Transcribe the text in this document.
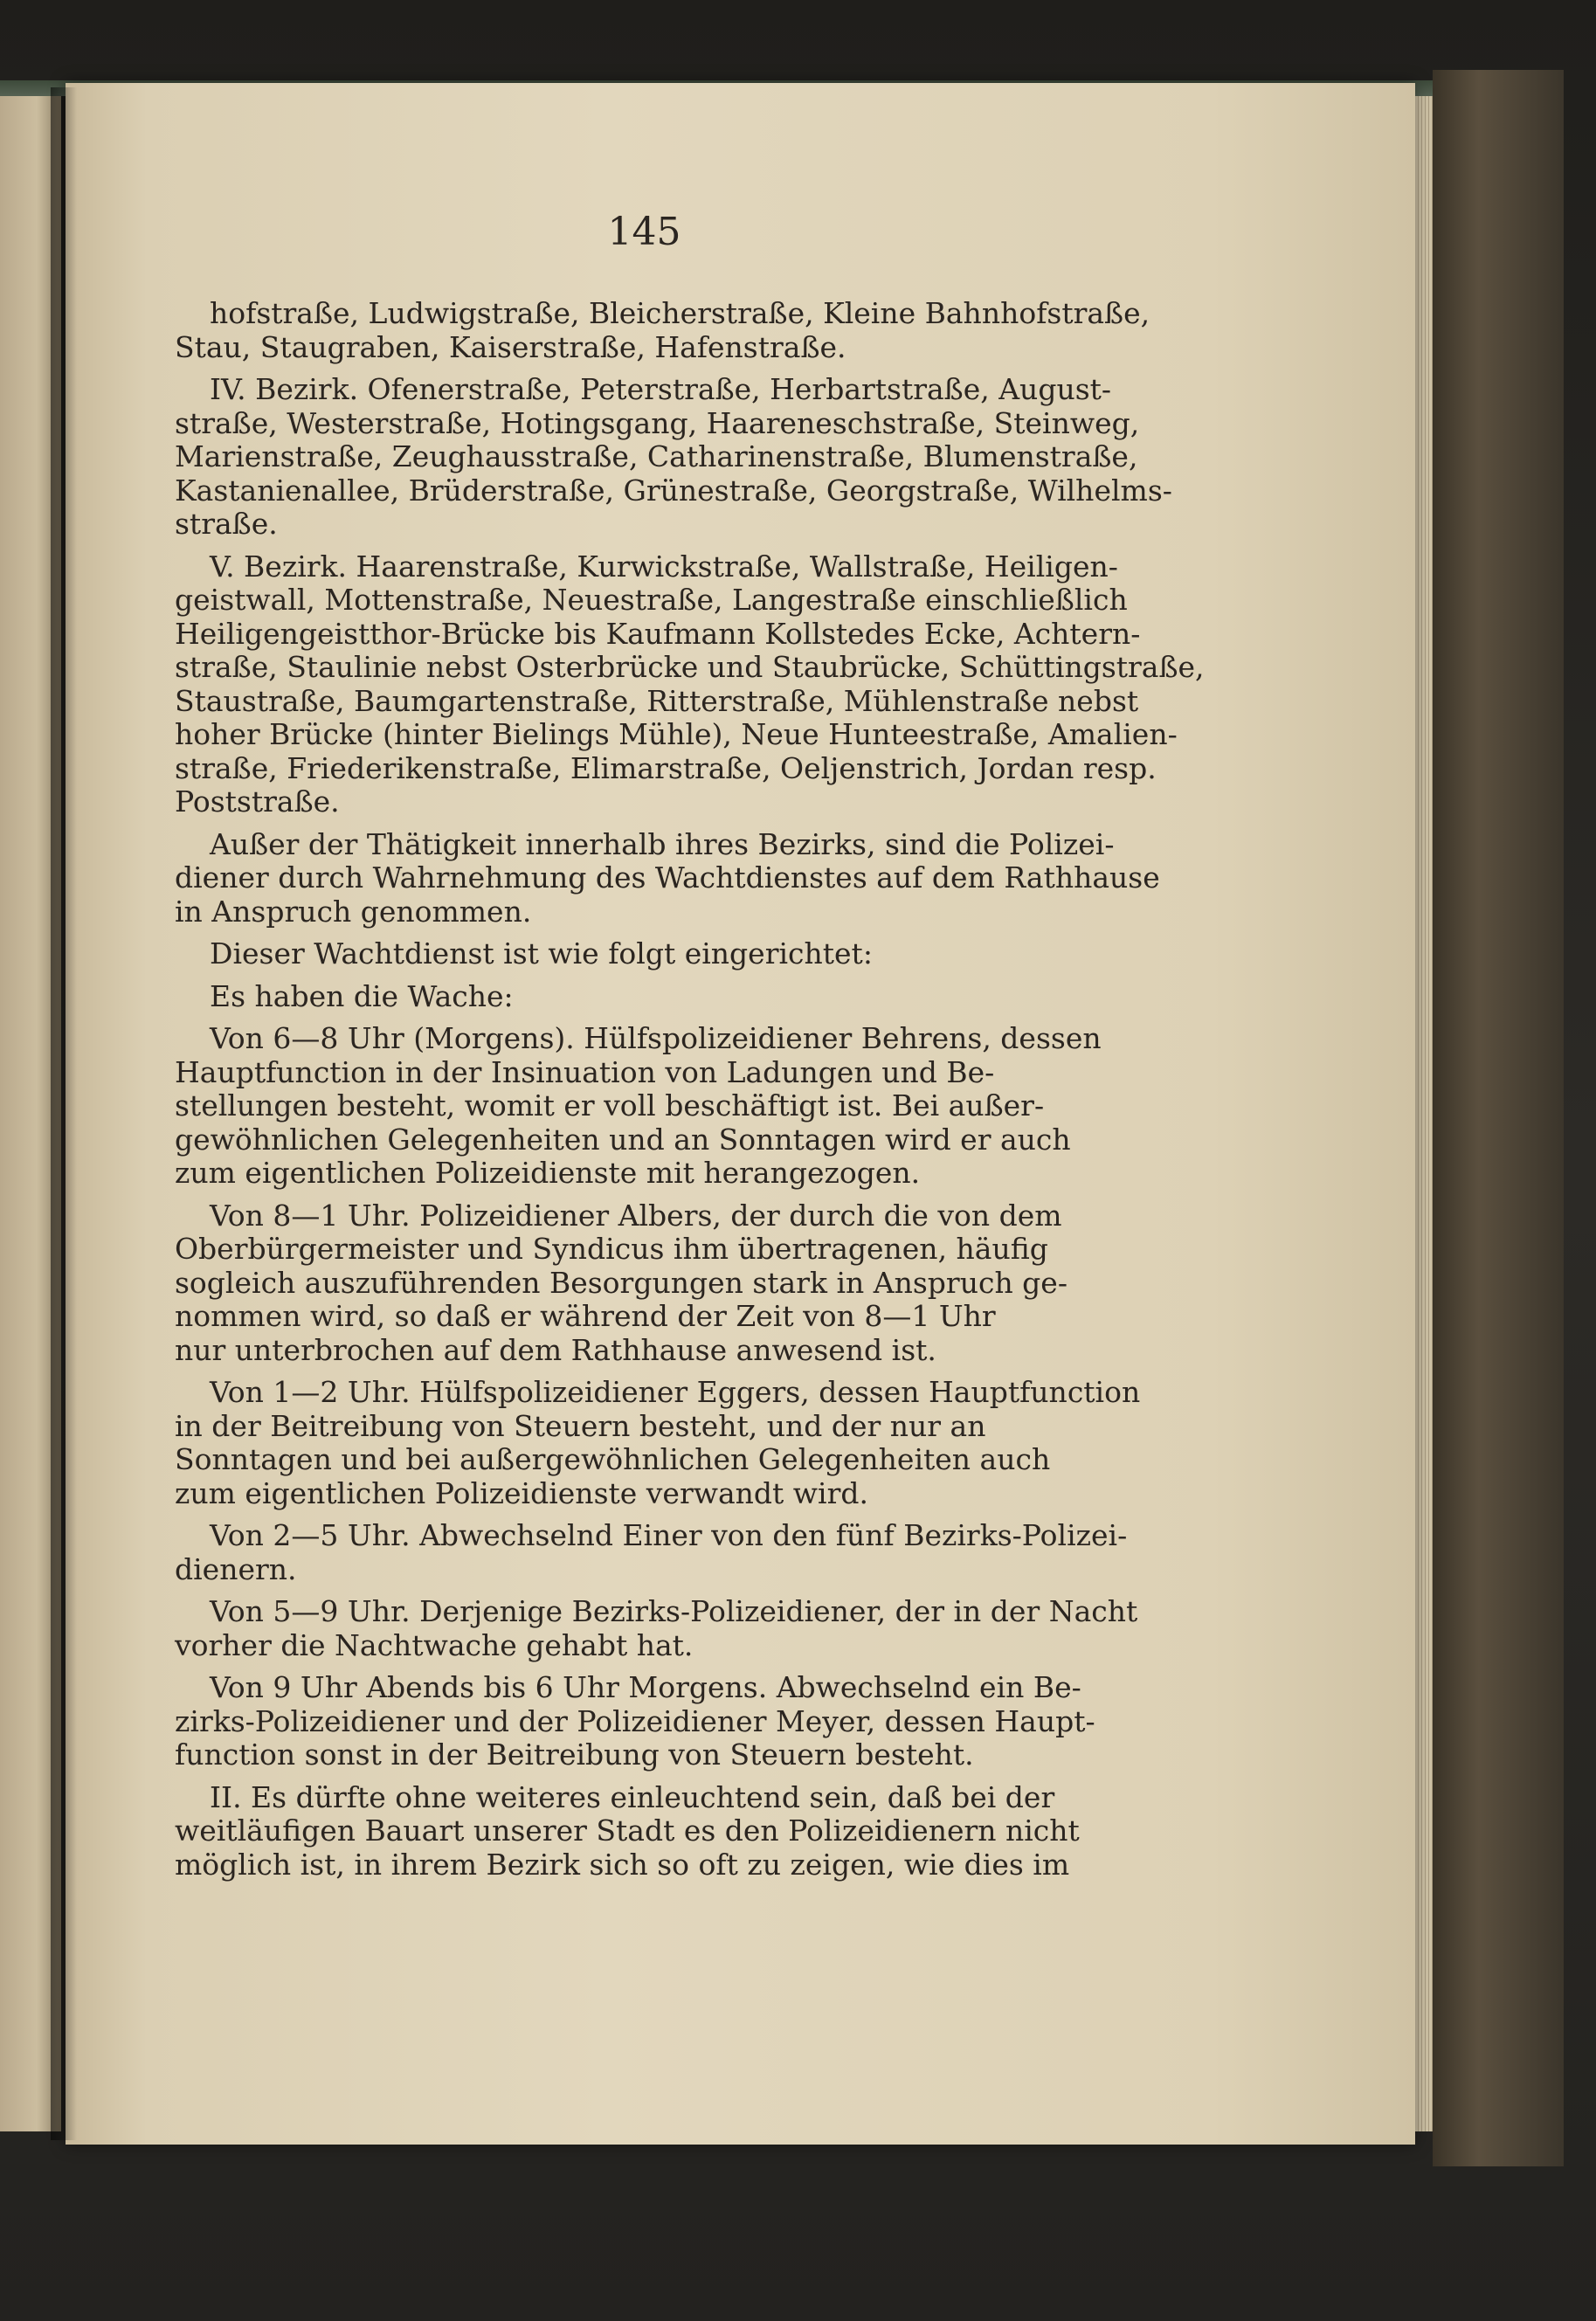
145
hofstraße, Ludwigstraße, Bleicherstraße, Kleine Bahnhofstraße,
Stau, Staugraben, Kaiserstraße, Hafenstraße.
IV. Bezirk. Ofenerstraße, Peterstraße, Herbartstraße, August-
straße, Westerstraße, Hotingsgang, Haareneschstraße, Steinweg,
Marienstraße, Zeughausstraße, Catharinenstraße, Blumenstraße,
Kastanienallee, Brüderstraße, Grünestraße, Georgstraße, Wilhelms-
straße.
V. Bezirk. Haarenstraße, Kurwickstraße, Wallstraße, Heiligen-
geistwall, Mottenstraße, Neuestraße, Langestraße einschließlich
Heiligengeistthor-Brücke bis Kaufmann Kollstedes Ecke, Achtern-
straße, Staulinie nebst Osterbrücke und Staubrücke, Schüttingstraße,
Staustraße, Baumgartenstraße, Ritterstraße, Mühlenstraße nebst
hoher Brücke (hinter Bielings Mühle), Neue Hunteestraße, Amalien-
straße, Friederikenstraße, Elimarstraße, Oeljenstrich, Jordan resp.
Poststraße.
Außer der Thätigkeit innerhalb ihres Bezirks, sind die Polizei-
diener durch Wahrnehmung des Wachtdienstes auf dem Rathhause
in Anspruch genommen.
Dieser Wachtdienst ist wie folgt eingerichtet:
Es haben die Wache:
Von 6—8 Uhr (Morgens). Hülfspolizeidiener Behrens, dessen
Hauptfunction in der Insinuation von Ladungen und Be-
stellungen besteht, womit er voll beschäftigt ist. Bei außer-
gewöhnlichen Gelegenheiten und an Sonntagen wird er auch
zum eigentlichen Polizeidienste mit herangezogen.
Von 8—1 Uhr. Polizeidiener Albers, der durch die von dem
Oberbürgermeister und Syndicus ihm übertragenen, häufig
sogleich auszuführenden Besorgungen stark in Anspruch ge-
nommen wird, so daß er während der Zeit von 8—1 Uhr
nur unterbrochen auf dem Rathhause anwesend ist.
Von 1—2 Uhr. Hülfspolizeidiener Eggers, dessen Hauptfunction
in der Beitreibung von Steuern besteht, und der nur an
Sonntagen und bei außergewöhnlichen Gelegenheiten auch
zum eigentlichen Polizeidienste verwandt wird.
Von 2—5 Uhr. Abwechselnd Einer von den fünf Bezirks-Polizei-
dienern.
Von 5—9 Uhr. Derjenige Bezirks-Polizeidiener, der in der Nacht
vorher die Nachtwache gehabt hat.
Von 9 Uhr Abends bis 6 Uhr Morgens. Abwechselnd ein Be-
zirks-Polizeidiener und der Polizeidiener Meyer, dessen Haupt-
function sonst in der Beitreibung von Steuern besteht.
II. Es dürfte ohne weiteres einleuchtend sein, daß bei der
weitläufigen Bauart unserer Stadt es den Polizeidienern nicht
möglich ist, in ihrem Bezirk sich so oft zu zeigen, wie dies im
